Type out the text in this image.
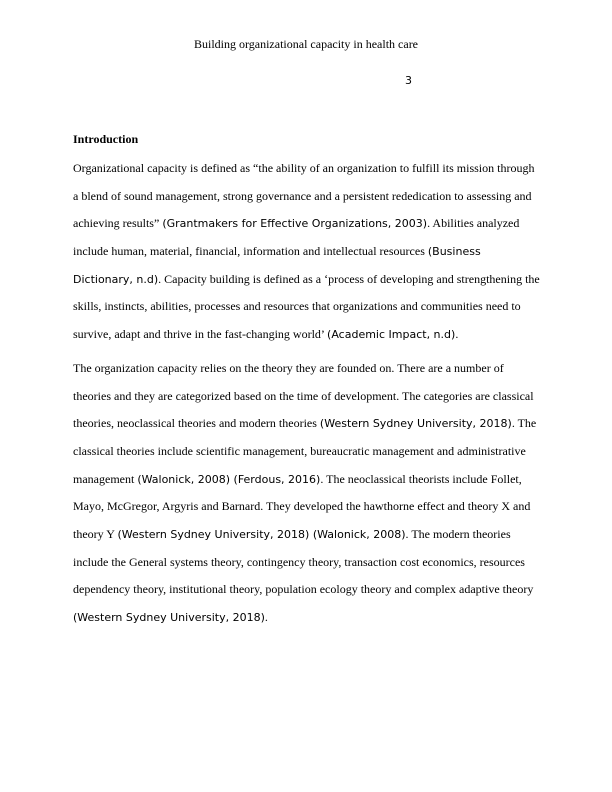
Building organizational capacity in health care
3
Introduction

Organizational capacity is defined as “the ability of an organization to fulfill its mission through
a blend of sound management, strong governance and a persistent rededication to assessing and
achieving results” (Grantmakers for Effective Organizations, 2003). Abilities analyzed
include human, material, financial, information and intellectual resources (Business
Dictionary, n.d). Capacity building is defined as a ‘process of developing and strengthening the
skills, instincts, abilities, processes and resources that organizations and communities need to
survive, adapt and thrive in the fast-changing world’ (Academic Impact, n.d).

The organization capacity relies on the theory they are founded on. There are a number of
theories and they are categorized based on the time of development. The categories are classical
theories, neoclassical theories and modern theories (Western Sydney University, 2018). The
classical theories include scientific management, bureaucratic management and administrative
management (Walonick, 2008) (Ferdous, 2016). The neoclassical theorists include Follet,
Mayo, McGregor, Argyris and Barnard. They developed the hawthorne effect and theory X and
theory Y (Western Sydney University, 2018) (Walonick, 2008). The modern theories
include the General systems theory, contingency theory, transaction cost economics, resources
dependency theory, institutional theory, population ecology theory and complex adaptive theory
(Western Sydney University, 2018).
